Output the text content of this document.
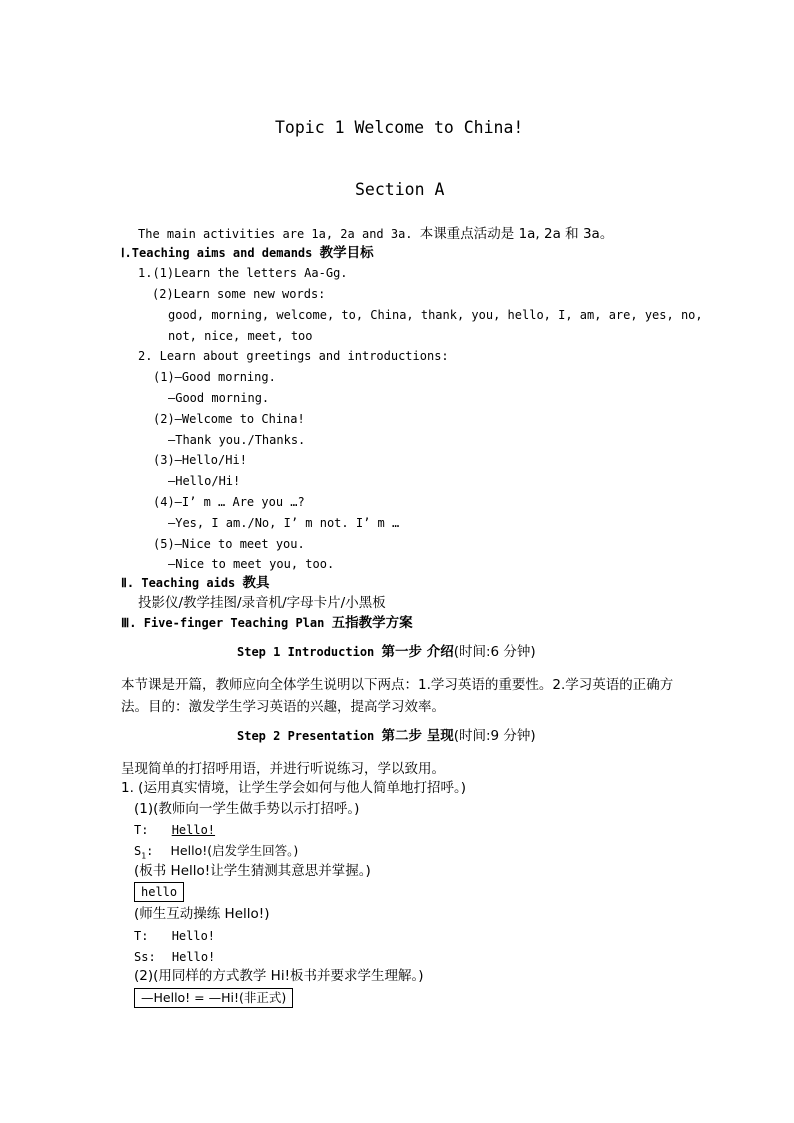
Topic 1 Welcome to China!
Section A
The main activities are 1a, 2a and 3a. 本课重点活动是 1a, 2a 和 3a。
Ⅰ.Teaching aims and demands 教学目标
1.(1)Learn the letters Aa-Gg.
(2)Learn some new words:
good, morning, welcome, to, China, thank, you, hello, I, am, are, yes, no,
not, nice, meet, too
2. Learn about greetings and introductions:
(1)—Good morning.
—Good morning.
(2)—Welcome to China!
—Thank you./Thanks.
(3)—Hello/Hi!
—Hello/Hi!
(4)—I’ m … Are you …?
—Yes, I am./No, I’ m not. I’ m …
(5)—Nice to meet you.
—Nice to meet you, too.
Ⅱ. Teaching aids 教具
投影仪/教学挂图/录音机/字母卡片/小黑板
Ⅲ. Five-finger Teaching Plan 五指教学方案
Step 1 Introduction 第一步 介绍(时间:6 分钟)
本节课是开篇，教师应向全体学生说明以下两点：1.学习英语的重要性。2.学习英语的正确方法。目的：激发学生学习英语的兴趣，提高学习效率。
Step 2 Presentation 第二步 呈现(时间:9 分钟)
呈现简单的打招呼用语，并进行听说练习，学以致用。
1. (运用真实情境，让学生学会如何与他人简单地打招呼。)
(1)(教师向一学生做手势以示打招呼。)
T: Hello!
$S_1$: Hello!(启发学生回答。)
(板书 Hello!让学生猜测其意思并掌握。)
hello
(师生互动操练 Hello!)
T: Hello!
Ss: Hello!
(2)(用同样的方式教学 Hi!板书并要求学生理解。)
—Hello! = —Hi!(非正式)
